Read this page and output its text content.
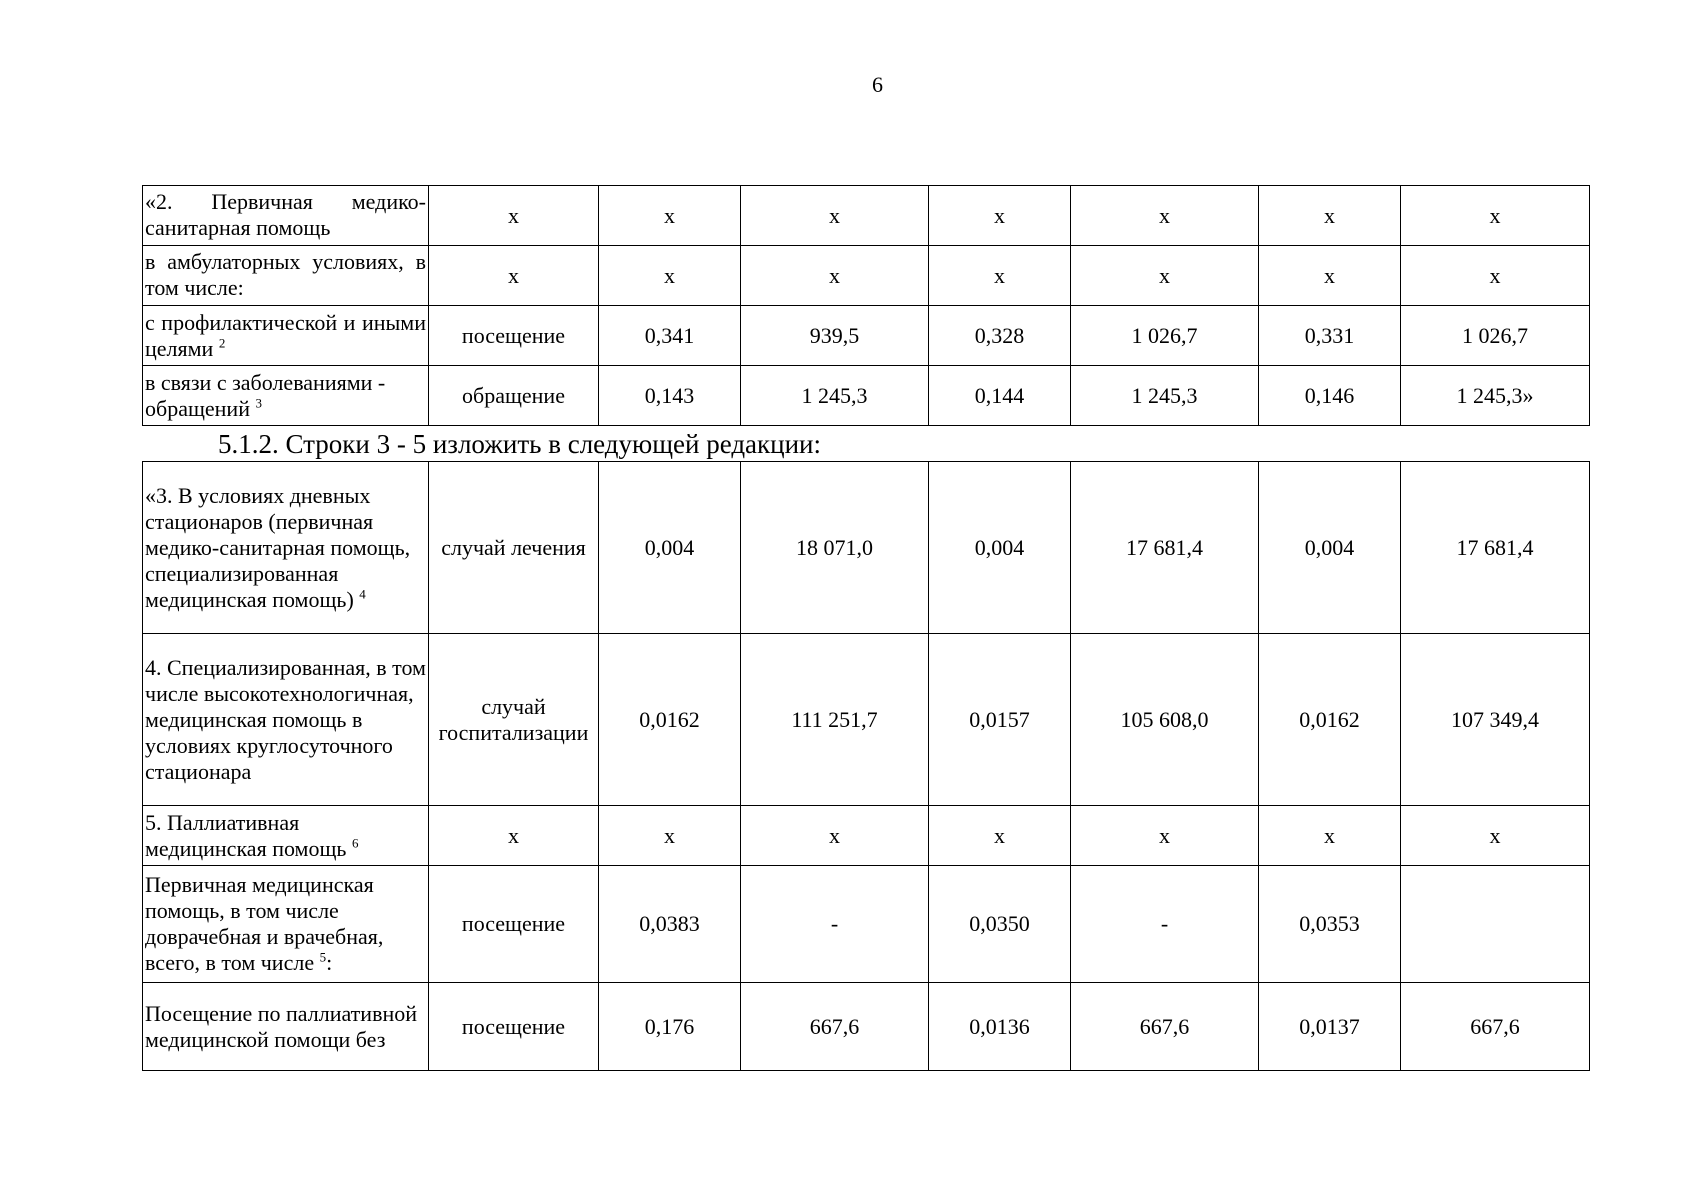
6
«2. Первичная медико-санитарная помощь	х	х	х	х	х	х	х
в амбулаторных условиях, в том числе:	х	х	х	х	х	х	х
с профилактической и иными целями $^2$	посещение	0,341	939,5	0,328	1 026,7	0,331	1 026,7
в связи с заболеваниями - обращений $^3$	обращение	0,143	1 245,3	0,144	1 245,3	0,146	1 245,3»
5.1.2. Строки 3 - 5 изложить в следующей редакции:
«3. В условиях дневных стационаров (первичная медико-санитарная помощь, специализированная медицинская помощь) $^4$	случай лечения	0,004	18 071,0	0,004	17 681,4	0,004	17 681,4
4. Специализированная, в том числе высокотехнологичная, медицинская помощь в условиях круглосуточного стационара	случай госпитализации	0,0162	111 251,7	0,0157	105 608,0	0,0162	107 349,4
5. Паллиативная медицинская помощь $^6$	х	х	х	х	х	х	х
Первичная медицинская помощь, в том числе доврачебная и врачебная, всего, в том числе $^5$:	посещение	0,0383	-	0,0350	-	0,0353	
Посещение по паллиативной медицинской помощи без	посещение	0,176	667,6	0,0136	667,6	0,0137	667,6
